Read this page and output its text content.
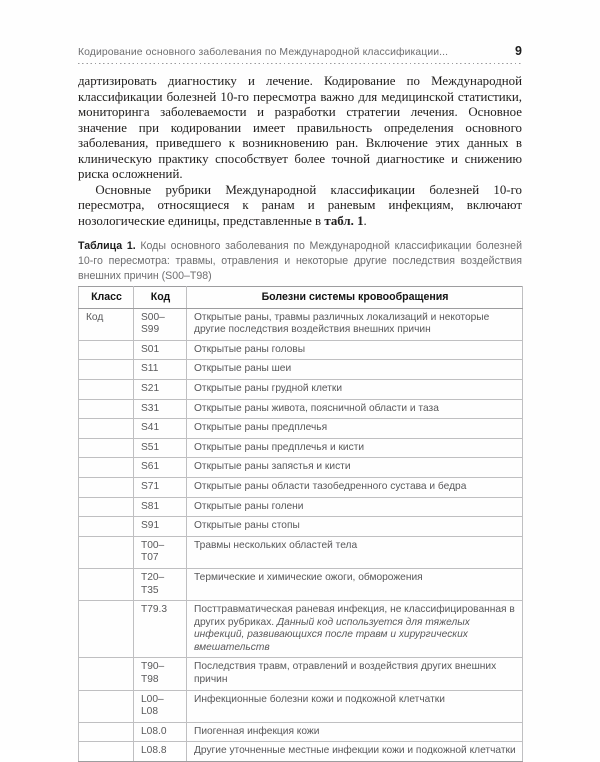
Кодирование основного заболевания по Международной классификации...	9

дартизировать диагностику и лечение. Кодирование по Международной классификации болезней 10-го пересмотра важно для медицинской статистики, мониторинга заболеваемости и разработки стратегии лечения. Основное значение при кодировании имеет правильность определения основного заболевания, приведшего к возникновению ран. Включение этих данных в клиническую практику способствует более точной диагностике и снижению риска осложнений.

Основные рубрики Международной классификации болезней 10-го пересмотра, относящиеся к ранам и раневым инфекциям, включают нозологические единицы, представленные в табл. 1.

Таблица 1. Коды основного заболевания по Международной классификации болезней 10-го пересмотра: травмы, отравления и некоторые другие последствия воздействия внешних причин (S00–T98)
Класс	Код	Болезни системы кровообращения
Код	S00–S99	Открытые раны, травмы различных локализаций и некоторые другие последствия воздействия внешних причин
	S01	Открытые раны головы
	S11	Открытые раны шеи
	S21	Открытые раны грудной клетки
	S31	Открытые раны живота, поясничной области и таза
	S41	Открытые раны предплечья
	S51	Открытые раны предплечья и кисти
	S61	Открытые раны запястья и кисти
	S71	Открытые раны области тазобедренного сустава и бедра
	S81	Открытые раны голени
	S91	Открытые раны стопы
	T00–T07	Травмы нескольких областей тела
	T20–T35	Термические и химические ожоги, обморожения
	T79.3	Посттравматическая раневая инфекция, не классифицированная в других рубриках. Данный код используется для тяжелых инфекций, развивающихся после травм и хирургических вмешательств
	T90–T98	Последствия травм, отравлений и воздействия других внешних причин
	L00–L08	Инфекционные болезни кожи и подкожной клетчатки
	L08.0	Пиогенная инфекция кожи
	L08.8	Другие уточненные местные инфекции кожи и подкожной клетчатки
